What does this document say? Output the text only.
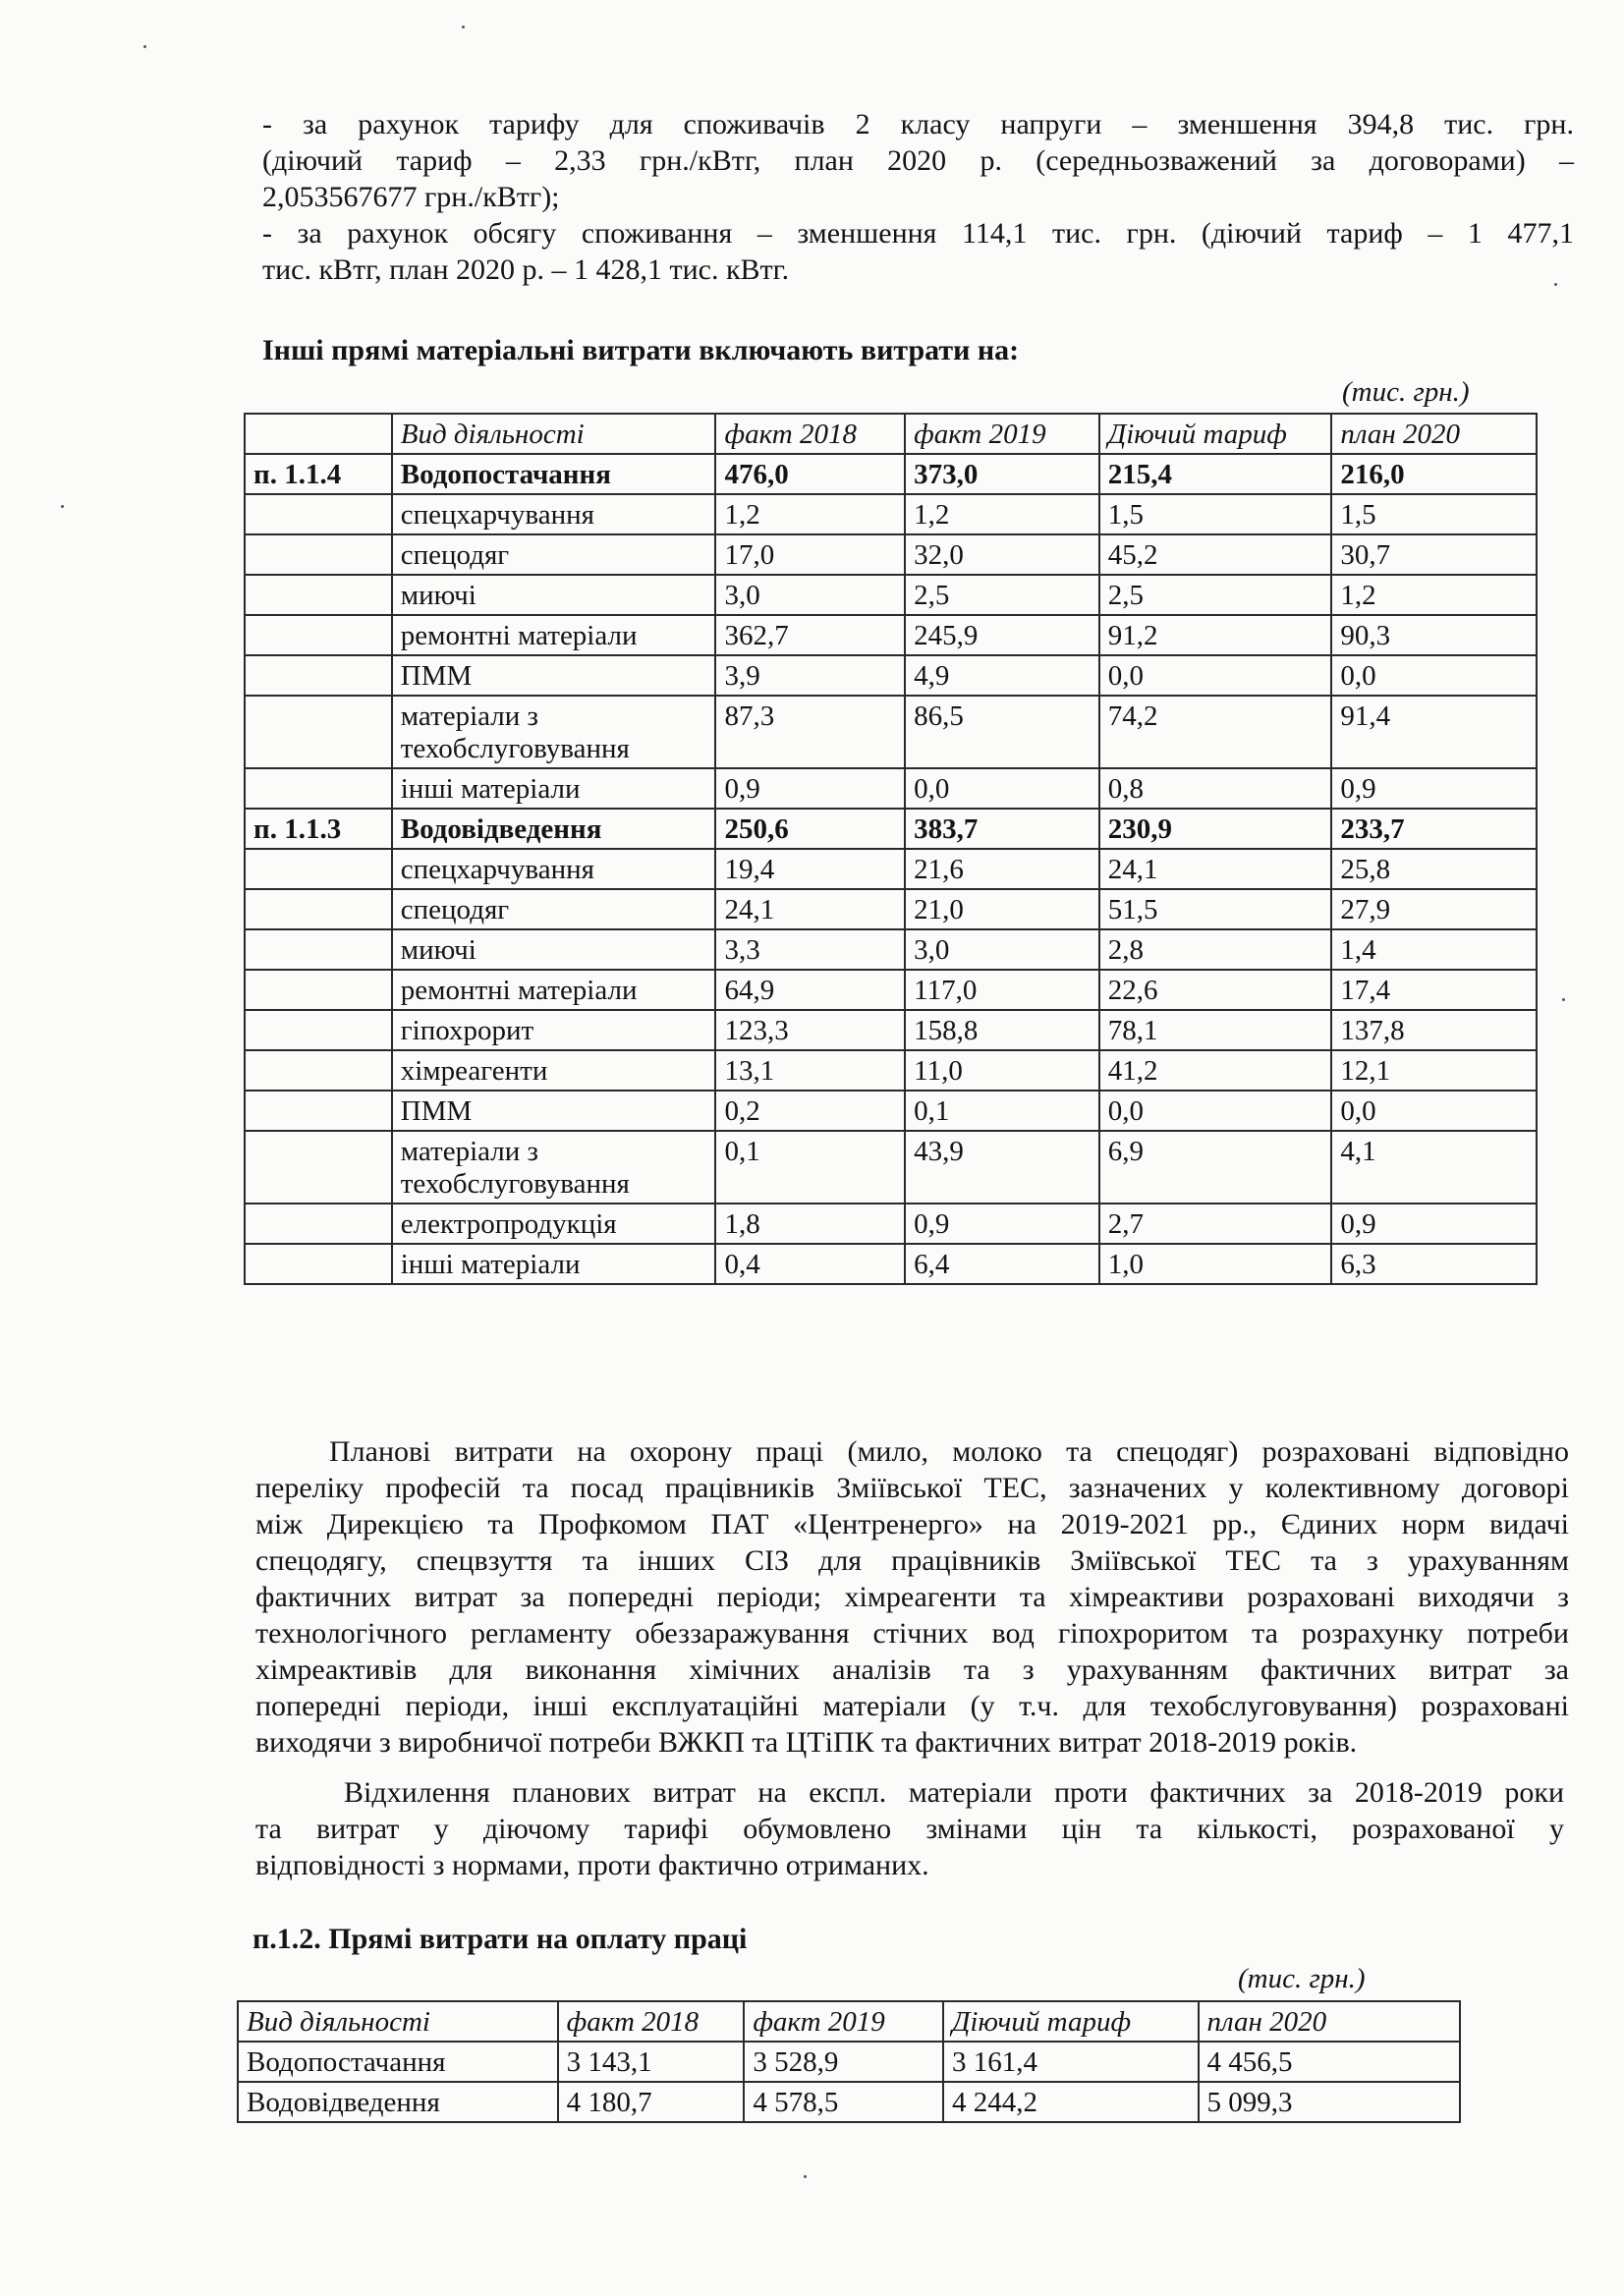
- за рахунок тарифу для споживачів 2 класу напруги – зменшення 394,8 тис. грн.
(діючий тариф – 2,33 грн./кВтг, план 2020 р. (середньозважений за договорами) –
2,053567677 грн./кВтг);
- за рахунок обсягу споживання – зменшення 114,1 тис. грн. (діючий тариф – 1 477,1
тис. кВтг, план 2020 р. – 1 428,1 тис. кВтг.
Інші прямі матеріальні витрати включають витрати на:
(тис. грн.)
	Вид діяльності	факт 2018	факт 2019	Діючий тариф	план 2020
п. 1.1.4	Водопостачання	476,0	373,0	215,4	216,0
	спецхарчування	1,2	1,2	1,5	1,5
	спецодяг	17,0	32,0	45,2	30,7
	миючі	3,0	2,5	2,5	1,2
	ремонтні матеріали	362,7	245,9	91,2	90,3
	ПММ	3,9	4,9	0,0	0,0
	матеріали з техобслуговування	87,3	86,5	74,2	91,4
	інші матеріали	0,9	0,0	0,8	0,9
п. 1.1.3	Водовідведення	250,6	383,7	230,9	233,7
	спецхарчування	19,4	21,6	24,1	25,8
	спецодяг	24,1	21,0	51,5	27,9
	миючі	3,3	3,0	2,8	1,4
	ремонтні матеріали	64,9	117,0	22,6	17,4
	гіпохрорит	123,3	158,8	78,1	137,8
	хімреагенти	13,1	11,0	41,2	12,1
	ПММ	0,2	0,1	0,0	0,0
	матеріали з техобслуговування	0,1	43,9	6,9	4,1
	електропродукція	1,8	0,9	2,7	0,9
	інші матеріали	0,4	6,4	1,0	6,3
Планові витрати на охорону праці (мило, молоко та спецодяг) розраховані відповідно
переліку професій та посад працівників Зміївської ТЕС, зазначених у колективному договорі
між Дирекцією та Профкомом ПАТ «Центренерго» на 2019-2021 рр., Єдиних норм видачі
спецодягу, спецвзуття та інших СІЗ для працівників Зміївської ТЕС та з урахуванням
фактичних витрат за попередні періоди; хімреагенти та хімреактиви розраховані виходячи з
технологічного регламенту обеззаражування стічних вод гіпохроритом та розрахунку потреби
хімреактивів для виконання хімічних аналізів та з урахуванням фактичних витрат за
попередні періоди, інші експлуатаційні матеріали (у т.ч. для техобслуговування) розраховані
виходячи з виробничої потреби ВЖКП та ЦТіПК та фактичних витрат 2018-2019 років.
Відхилення планових витрат на експл. матеріали проти фактичних за 2018-2019 роки
та витрат у діючому тарифі обумовлено змінами цін та кількості, розрахованої у
відповідності з нормами, проти фактично отриманих.
п.1.2. Прямі витрати на оплату праці
(тис. грн.)
Вид діяльності	факт 2018	факт 2019	Діючий тариф	план 2020
Водопостачання	3 143,1	3 528,9	3 161,4	4 456,5
Водовідведення	4 180,7	4 578,5	4 244,2	5 099,3
